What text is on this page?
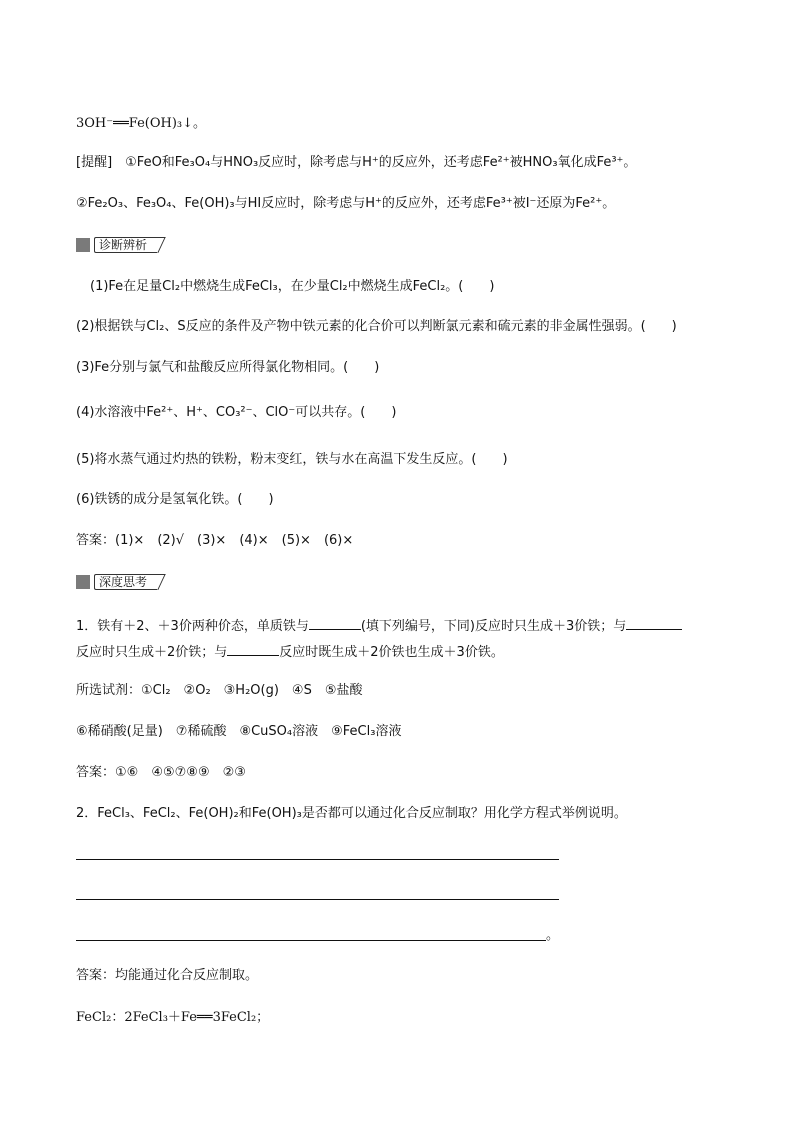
3OH⁻══Fe(OH)₃↓。
[提醒]　①FeO和Fe₃O₄与HNO₃反应时，除考虑与H⁺的反应外，还考虑Fe²⁺被HNO₃氧化成Fe³⁺。
②Fe₂O₃、Fe₃O₄、Fe(OH)₃与HI反应时，除考虑与H⁺的反应外，还考虑Fe³⁺被I⁻还原为Fe²⁺。
诊断辨析
(1)Fe在足量Cl₂中燃烧生成FeCl₃，在少量Cl₂中燃烧生成FeCl₂。(　　)
(2)根据铁与Cl₂、S反应的条件及产物中铁元素的化合价可以判断氯元素和硫元素的非金属性强弱。(　　)
(3)Fe分别与氯气和盐酸反应所得氯化物相同。(　　)
(4)水溶液中Fe²⁺、H⁺、CO₃²⁻、ClO⁻可以共存。(　　)
(5)将水蒸气通过灼热的铁粉，粉末变红，铁与水在高温下发生反应。(　　)
(6)铁锈的成分是氢氧化铁。(　　)
答案：(1)×　(2)√　(3)×　(4)×　(5)×　(6)×
深度思考
1．铁有＋2、＋3价两种价态，单质铁与	(填下列编号，下同)反应时只生成＋3价铁；与
反应时只生成＋2价铁；与	反应时既生成＋2价铁也生成＋3价铁。
所选试剂：①Cl₂　②O₂　③H₂O(g)　④S　⑤盐酸
⑥稀硝酸(足量)　⑦稀硫酸　⑧CuSO₄溶液　⑨FeCl₃溶液
答案：①⑥　④⑤⑦⑧⑨　②③
2．FeCl₃、FeCl₂、Fe(OH)₂和Fe(OH)₃是否都可以通过化合反应制取？用化学方程式举例说明。
。
答案：均能通过化合反应制取。
FeCl₂：2FeCl₃＋Fe══3FeCl₂；
